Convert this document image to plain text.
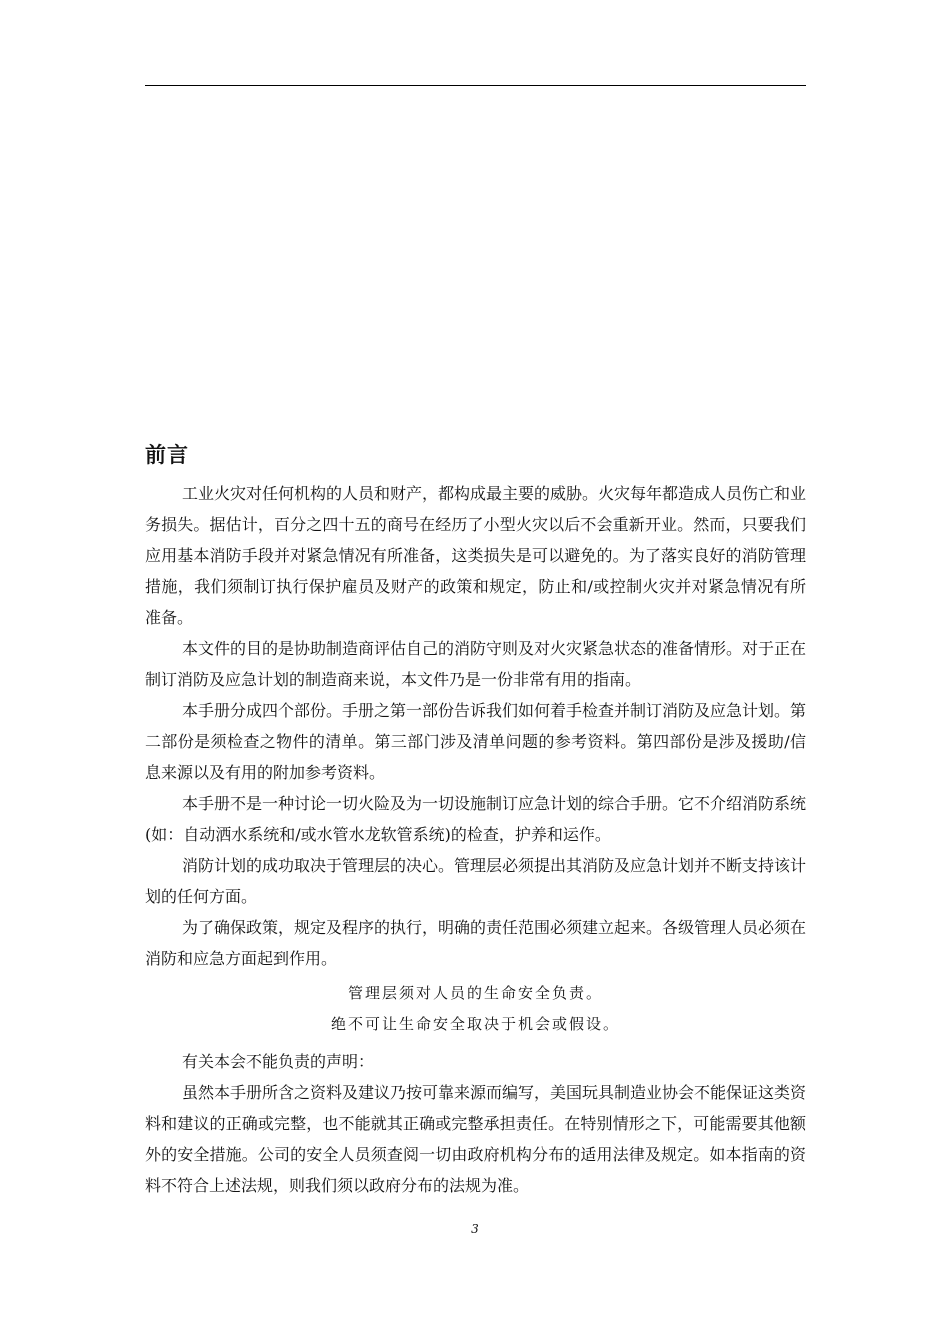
前言

工业火灾对任何机构的人员和财产，都构成最主要的威胁。火灾每年都造成人员伤亡和业务损失。据估计，百分之四十五的商号在经历了小型火灾以后不会重新开业。然而，只要我们应用基本消防手段并对紧急情况有所准备，这类损失是可以避免的。为了落实良好的消防管理措施，我们须制订执行保护雇员及财产的政策和规定，防止和/或控制火灾并对紧急情况有所准备。

本文件的目的是协助制造商评估自己的消防守则及对火灾紧急状态的准备情形。对于正在制订消防及应急计划的制造商来说，本文件乃是一份非常有用的指南。

本手册分成四个部份。手册之第一部份告诉我们如何着手检查并制订消防及应急计划。第二部份是须检查之物件的清单。第三部门涉及清单问题的参考资料。第四部份是涉及援助/信息来源以及有用的附加参考资料。

本手册不是一种讨论一切火险及为一切设施制订应急计划的综合手册。它不介绍消防系统(如：自动洒水系统和/或水管水龙软管系统)的检查，护养和运作。

消防计划的成功取决于管理层的决心。管理层必须提出其消防及应急计划并不断支持该计划的任何方面。

为了确保政策，规定及程序的执行，明确的责任范围必须建立起来。各级管理人员必须在消防和应急方面起到作用。

管理层须对人员的生命安全负责。

绝不可让生命安全取决于机会或假设。

有关本会不能负责的声明：

虽然本手册所含之资料及建议乃按可靠来源而编写，美国玩具制造业协会不能保证这类资料和建议的正确或完整，也不能就其正确或完整承担责任。在特别情形之下，可能需要其他额外的安全措施。公司的安全人员须查阅一切由政府机构分布的适用法律及规定。如本指南的资料不符合上述法规，则我们须以政府分布的法规为准。

3
